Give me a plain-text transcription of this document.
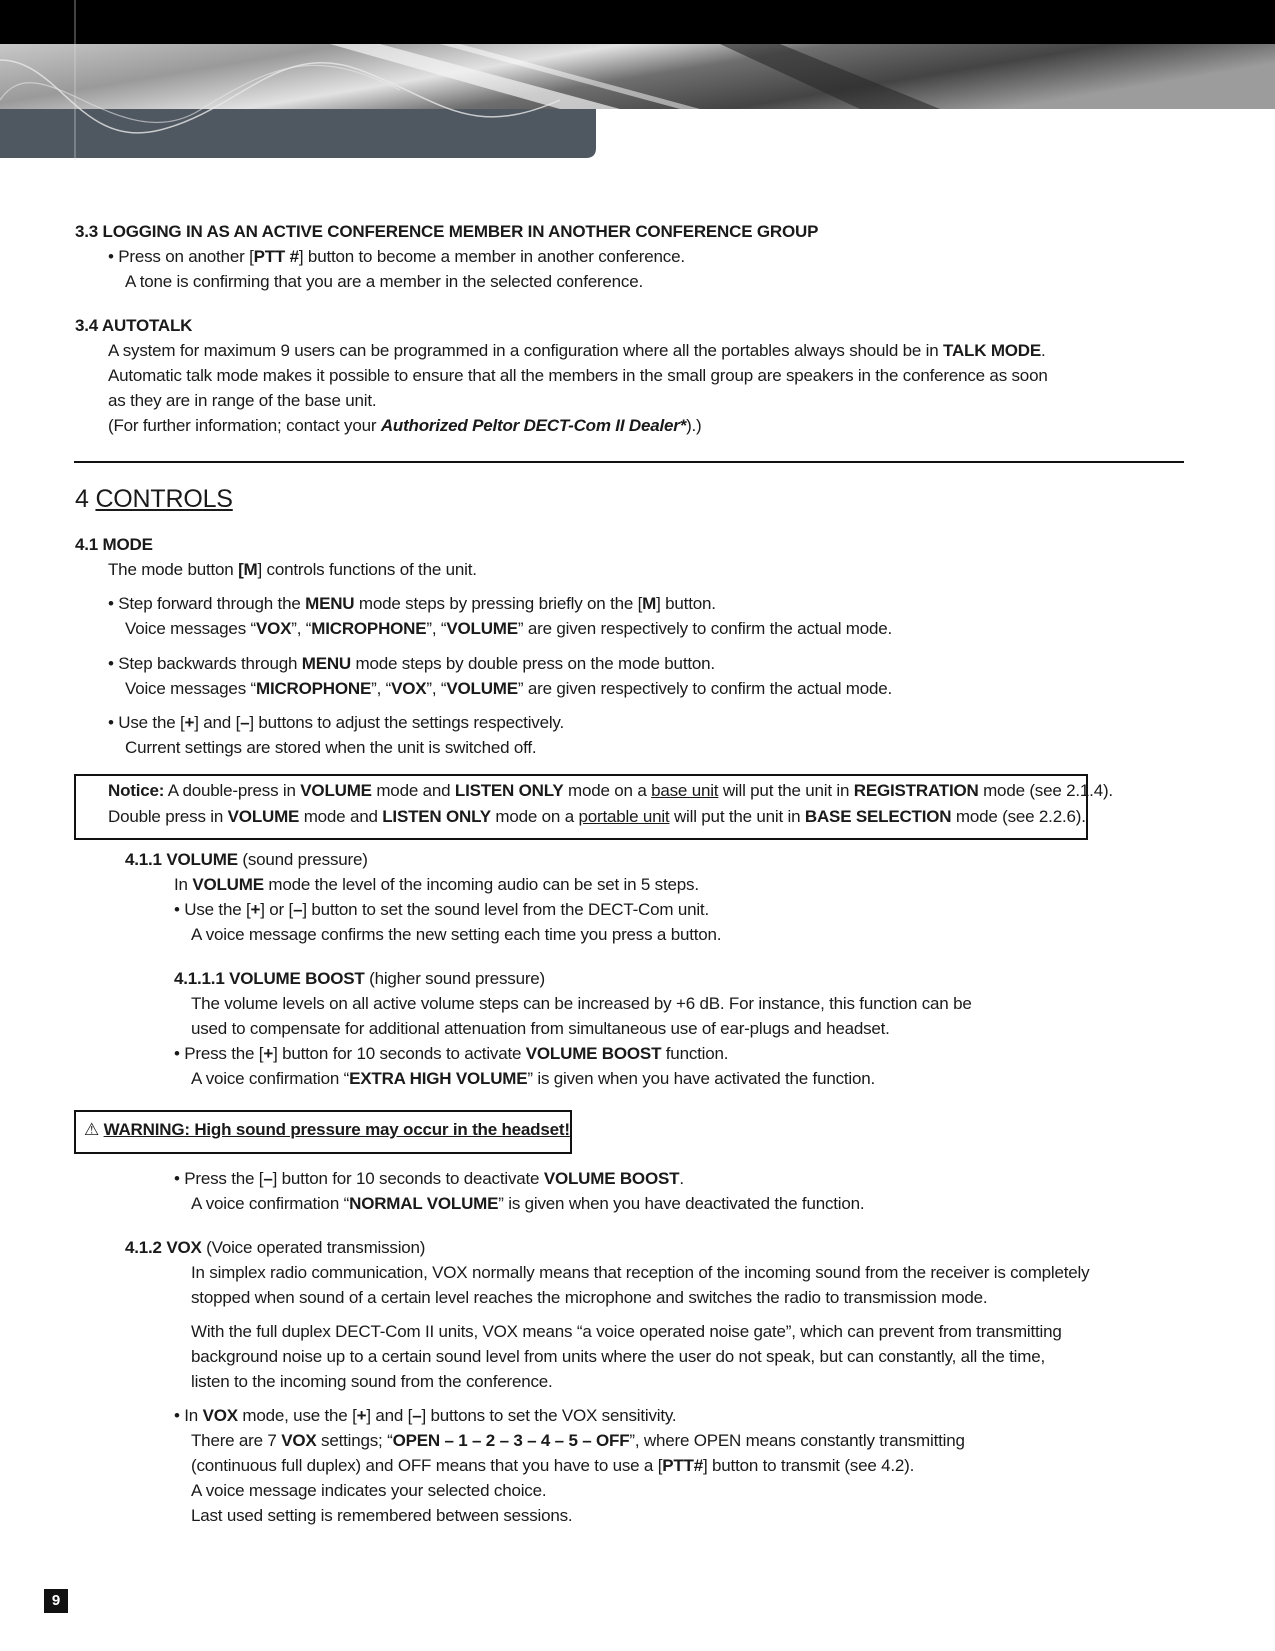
3.3 LOGGING IN AS AN ACTIVE CONFERENCE MEMBER IN ANOTHER CONFERENCE GROUP
• Press on another [PTT #] button to become a member in another conference.
A tone is confirming that you are a member in the selected conference.
3.4 AUTOTALK
A system for maximum 9 users can be programmed in a configuration where all the portables always should be in TALK MODE.
Automatic talk mode makes it possible to ensure that all the members in the small group are speakers in the conference as soon
as they are in range of the base unit.
(For further information; contact your Authorized Peltor DECT-Com II Dealer*).)
4 CONTROLS
4.1 MODE
The mode button [M] controls functions of the unit.
• Step forward through the MENU mode steps by pressing briefly on the [M] button.
Voice messages “VOX”, “MICROPHONE”, “VOLUME” are given respectively to confirm the actual mode.
• Step backwards through MENU mode steps by double press on the mode button.
Voice messages “MICROPHONE”, “VOX”, “VOLUME” are given respectively to confirm the actual mode.
• Use the [+] and [–] buttons to adjust the settings respectively.
Current settings are stored when the unit is switched off.
Notice: A double-press in VOLUME mode and LISTEN ONLY mode on a base unit will put the unit in REGISTRATION mode (see 2.1.4).
Double press in VOLUME mode and LISTEN ONLY mode on a portable unit will put the unit in BASE SELECTION mode (see 2.2.6).
4.1.1 VOLUME (sound pressure)
In VOLUME mode the level of the incoming audio can be set in 5 steps.
• Use the [+] or [–] button to set the sound level from the DECT-Com unit.
A voice message confirms the new setting each time you press a button.
4.1.1.1 VOLUME BOOST (higher sound pressure)
The volume levels on all active volume steps can be increased by +6 dB. For instance, this function can be
used to compensate for additional attenuation from simultaneous use of ear-plugs and headset.
• Press the [+] button for 10 seconds to activate VOLUME BOOST function.
A voice confirmation “EXTRA HIGH VOLUME” is given when you have activated the function.
⚠ WARNING: High sound pressure may occur in the headset!
• Press the [–] button for 10 seconds to deactivate VOLUME BOOST.
A voice confirmation “NORMAL VOLUME” is given when you have deactivated the function.
4.1.2 VOX (Voice operated transmission)
In simplex radio communication, VOX normally means that reception of the incoming sound from the receiver is completely
stopped when sound of a certain level reaches the microphone and switches the radio to transmission mode.
With the full duplex DECT-Com II units, VOX means “a voice operated noise gate”, which can prevent from transmitting
background noise up to a certain sound level from units where the user do not speak, but can constantly, all the time,
listen to the incoming sound from the conference.
• In VOX mode, use the [+] and [–] buttons to set the VOX sensitivity.
There are 7 VOX settings; “OPEN – 1 – 2 – 3 – 4 – 5 – OFF”, where OPEN means constantly transmitting
(continuous full duplex) and OFF means that you have to use a [PTT#] button to transmit (see 4.2).
A voice message indicates your selected choice.
Last used setting is remembered between sessions.
9
